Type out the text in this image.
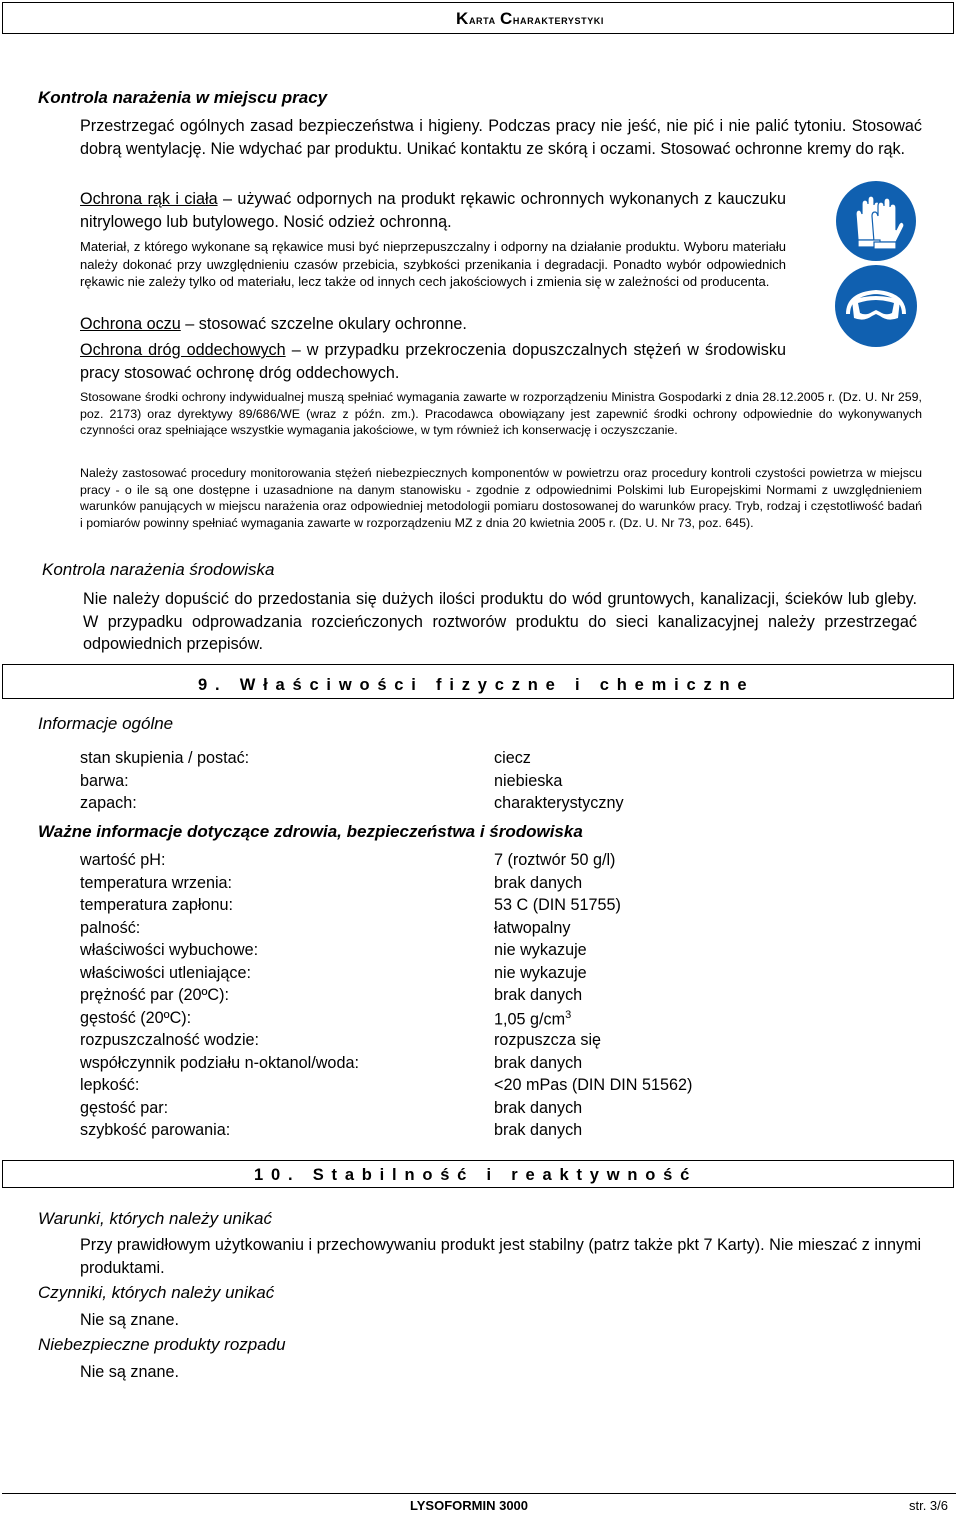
Karta Charakterystyki

Kontrola narażenia w miejscu pracy

Przestrzegać ogólnych zasad bezpieczeństwa i higieny. Podczas pracy nie jeść, nie pić i nie palić tytoniu. Stosować dobrą wentylację. Nie wdychać par produktu. Unikać kontaktu ze skórą i oczami. Stosować ochronne kremy do rąk.

Ochrona rąk i ciała – używać odpornych na produkt rękawic ochronnych wykonanych z kauczuku nitrylowego lub butylowego. Nosić odzież ochronną.

Materiał, z którego wykonane są rękawice musi być nieprzepuszczalny i odporny na działanie produktu. Wyboru materiału należy dokonać przy uwzględnieniu czasów przebicia, szybkości przenikania i degradacji. Ponadto wybór odpowiednich rękawic nie zależy tylko od materiału, lecz także od innych cech jakościowych i zmienia się w zależności od producenta.

Ochrona oczu – stosować szczelne okulary ochronne.

Ochrona dróg oddechowych – w przypadku przekroczenia dopuszczalnych stężeń w środowisku pracy stosować ochronę dróg oddechowych.

Stosowane środki ochrony indywidualnej muszą spełniać wymagania zawarte w rozporządzeniu Ministra Gospodarki z dnia 28.12.2005 r. (Dz. U. Nr 259, poz. 2173) oraz dyrektywy 89/686/WE (wraz z późn. zm.). Pracodawca obowiązany jest zapewnić środki ochrony odpowiednie do wykonywanych czynności oraz spełniające wszystkie wymagania jakościowe, w tym również ich konserwację i oczyszczanie.

Należy zastosować procedury monitorowania stężeń niebezpiecznych komponentów w powietrzu oraz procedury kontroli czystości powietrza w miejscu pracy - o ile są one dostępne i uzasadnione na danym stanowisku - zgodnie z odpowiednimi Polskimi lub Europejskimi Normami z uwzględnieniem warunków panujących w miejscu narażenia oraz odpowiedniej metodologii pomiaru dostosowanej do warunków pracy. Tryb, rodzaj i częstotliwość badań i pomiarów powinny spełniać wymagania zawarte w rozporządzeniu MZ z dnia 20 kwietnia 2005 r. (Dz. U. Nr 73, poz. 645).

Kontrola narażenia środowiska

Nie należy dopuścić do przedostania się dużych ilości produktu do wód gruntowych, kanalizacji, ścieków lub gleby. W przypadku odprowadzania rozcieńczonych roztworów produktu do sieci kanalizacyjnej należy przestrzegać odpowiednich przepisów.

9. Właściwości fizyczne i chemiczne

Informacje ogólne

stan skupienia / postać:	ciecz
barwa:	niebieska
zapach:	charakterystyczny

Ważne informacje dotyczące zdrowia, bezpieczeństwa i środowiska

wartość pH:	7 (roztwór 50 g/l)
temperatura wrzenia:	brak danych
temperatura zapłonu:	53 C (DIN 51755)
palność:	łatwopalny
właściwości wybuchowe:	nie wykazuje
właściwości utleniające:	nie wykazuje
prężność par (20ºC):	brak danych
gęstość (20ºC):	1,05 $g/cm^3$
rozpuszczalność wodzie:	rozpuszcza się
współczynnik podziału n-oktanol/woda:	brak danych
lepkość:	<20 mPas (DIN DIN 51562)
gęstość par:	brak danych
szybkość parowania:	brak danych
10. Stabilność i reaktywność

Warunki, których należy unikać

Przy prawidłowym użytkowaniu i przechowywaniu produkt jest stabilny (patrz także pkt 7 Karty). Nie mieszać z innymi produktami.

Czynniki, których należy unikać

Nie są znane.

Niebezpieczne produkty rozpadu

Nie są znane.

LYSOFORMIN 3000	str. 3/6
